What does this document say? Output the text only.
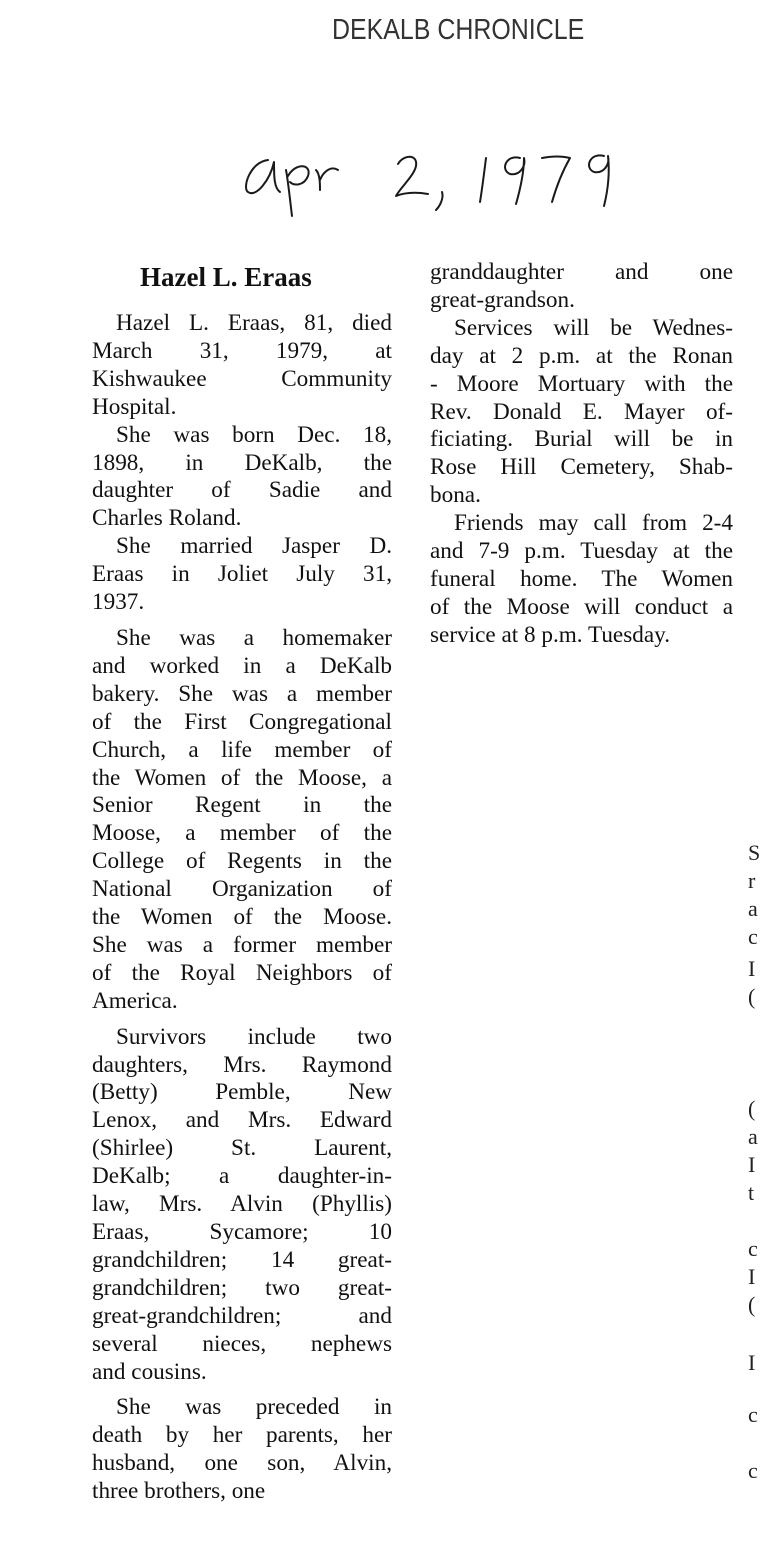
DEKALB CHRONICLE
Hazel L. Eraas
Hazel L. Eraas, 81, died
March 31, 1979, at
Kishwaukee Community
Hospital.
She was born Dec. 18,
1898, in DeKalb, the
daughter of Sadie and
Charles Roland.
She married Jasper D.
Eraas in Joliet July 31,
1937.
She was a homemaker
and worked in a DeKalb
bakery. She was a member
of the First Congregational
Church, a life member of
the Women of the Moose, a
Senior Regent in the
Moose, a member of the
College of Regents in the
National Organization of
the Women of the Moose.
She was a former member
of the Royal Neighbors of
America.
Survivors include two
daughters, Mrs. Raymond
(Betty) Pemble, New
Lenox, and Mrs. Edward
(Shirlee) St. Laurent,
DeKalb; a daughter-in-
law, Mrs. Alvin (Phyllis)
Eraas, Sycamore; 10
grandchildren; 14 great-
grandchildren; two great-
great-grandchildren; and
several nieces, nephews
and cousins.
She was preceded in
death by her parents, her
husband, one son, Alvin,
three brothers, one
granddaughter and one
great-grandson.
Services will be Wednes-
day at 2 p.m. at the Ronan
- Moore Mortuary with the
Rev. Donald E. Mayer of-
ficiating. Burial will be in
Rose Hill Cemetery, Shab-
bona.
Friends may call from 2-4
and 7-9 p.m. Tuesday at the
funeral home. The Women
of the Moose will conduct a
service at 8 p.m. Tuesday.
S
r
a
c
I
(
(
a
I
t
c
I
(
I
c
c
